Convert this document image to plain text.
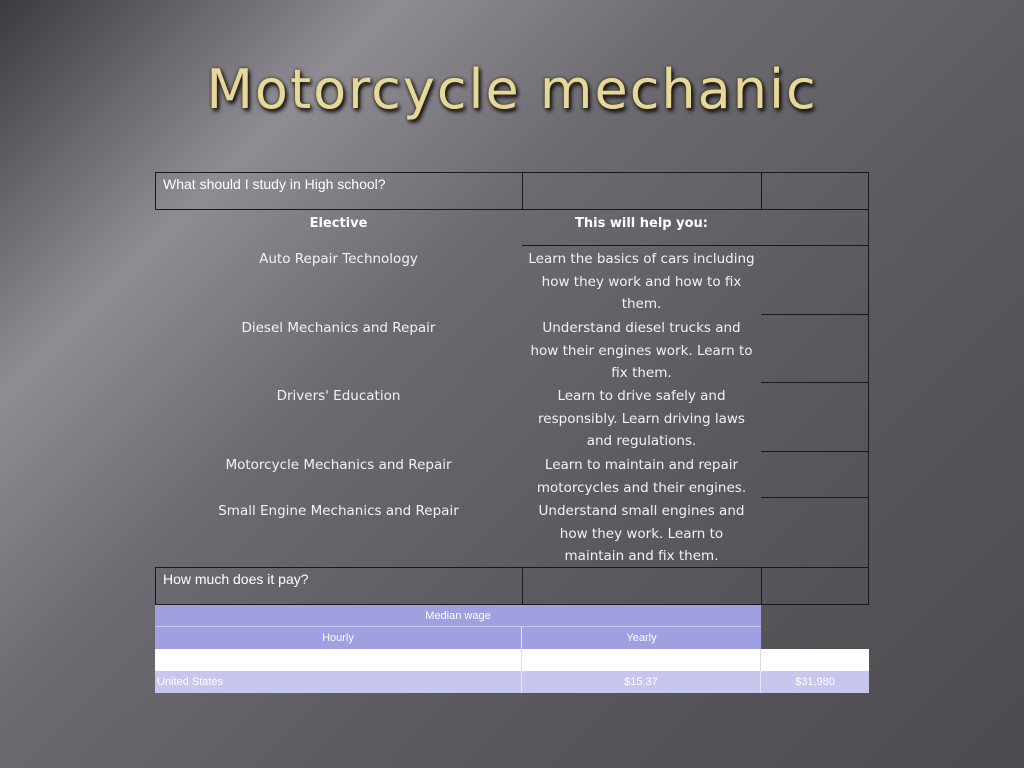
Motorcycle mechanic
What should I study in High school?
Elective	This will help you:
Auto Repair Technology	Learn the basics of cars including how they work and how to fix them.
Diesel Mechanics and Repair	Understand diesel trucks and how their engines work. Learn to fix them.
Drivers' Education	Learn to drive safely and responsibly. Learn driving laws and regulations.
Motorcycle Mechanics and Repair	Learn to maintain and repair motorcycles and their engines.
Small Engine Mechanics and Repair	Understand small engines and how they work. Learn to maintain and fix them.
How much does it pay?
Median wage
Hourly	Yearly
United States	$15.37	$31,980
